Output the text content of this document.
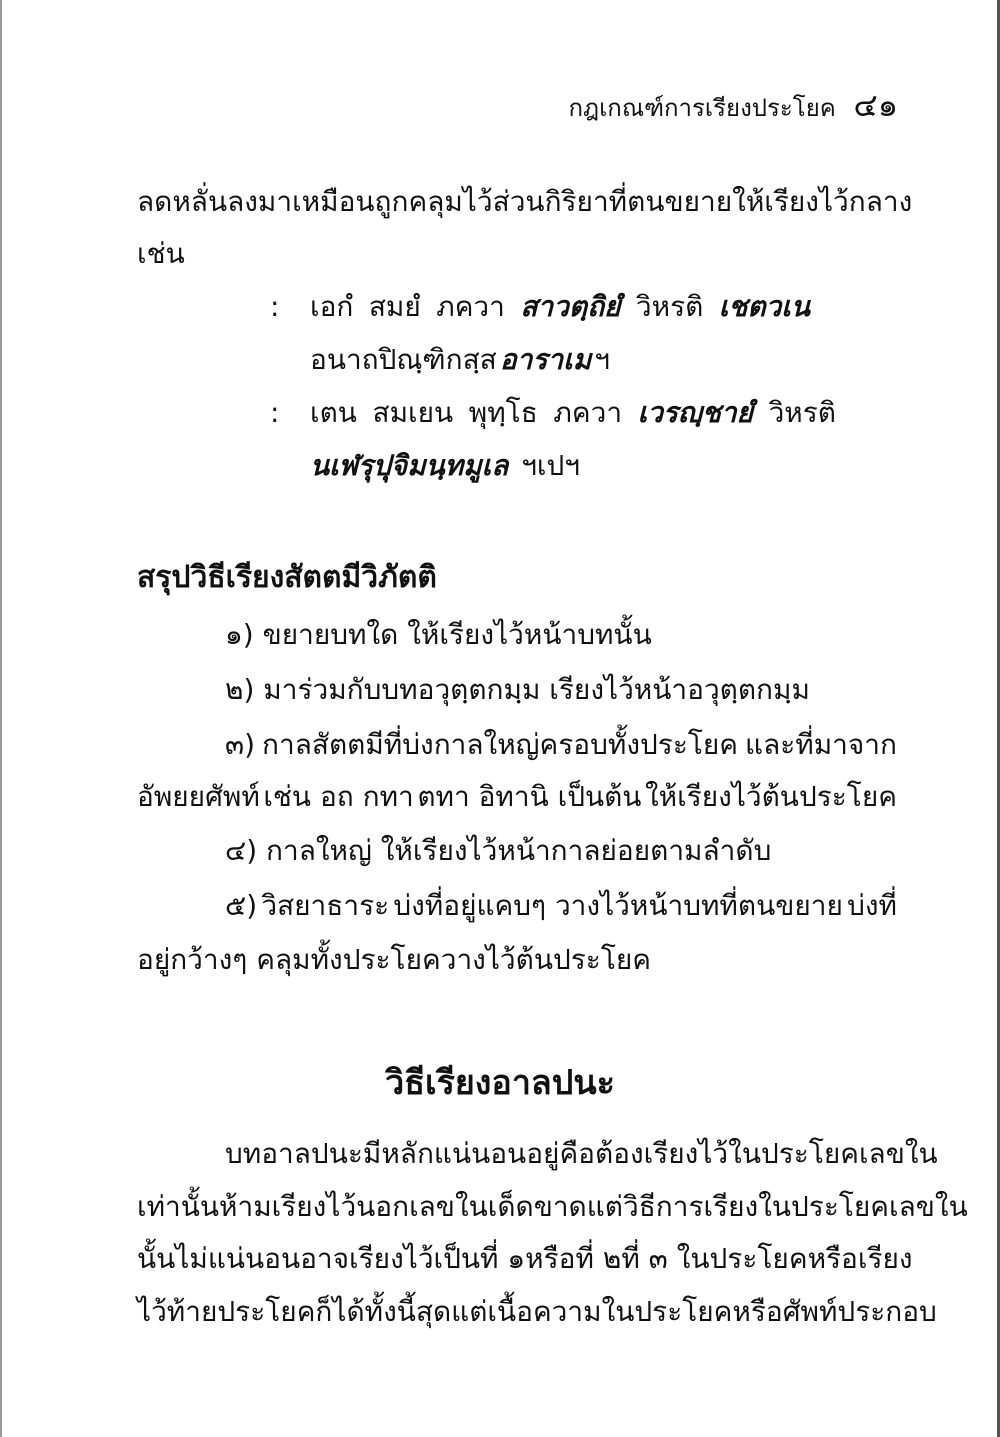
กฎเกณฑ์การเรียงประโยค ๔๑
ลดหลั่นลงมา เหมือนถูกคลุมไว้ ส่วนกิริยาที่ตนขยายให้เรียงไว้กลาง
เช่น
: เอกํ สมยํ ภควา สาวตฺถิยํ วิหรติ เชตวเน
อนาถปิณฺฑิกสฺส อาราเม ฯ
: เตน สมเยน พุทฺโธ ภควา เวรญฺชายํ วิหรติ
นเฬรุปุจิมนฺทมูเล ฯเปฯ
สรุปวิธีเรียงสัตตมีวิภัตติ
๑) ขยายบทใด ให้เรียงไว้หน้าบทนั้น
๒) มาร่วมกับบทอวุตฺตกมฺม เรียงไว้หน้าอวุตฺตกมฺม
๓) กาลสัตตมีที่บ่งกาลใหญ่ครอบทั้งประโยค และที่มาจาก
อัพยยศัพท์ เช่น อถ กทา ตทา อิทานิ เป็นต้น ให้เรียงไว้ต้นประโยค
๔) กาลใหญ่ ให้เรียงไว้หน้ากาลย่อยตามลำดับ
๕) วิสยาธาระ บ่งที่อยู่แคบๆ วางไว้หน้าบทที่ตนขยาย บ่งที่
อยู่กว้างๆ คลุมทั้งประโยควางไว้ต้นประโยค
วิธีเรียงอาลปนะ
บทอาลปนะ มีหลักแน่นอนอยู่ คือต้องเรียงไว้ในประโยคเลขใน
เท่านั้นห้ามเรียงไว้นอกเลขในเด็ดขาด แต่วิธีการเรียงในประโยคเลขใน
นั้นไม่แน่นอน อาจเรียงไว้เป็นที่ ๑ หรือที่ ๒ ที่ ๓ ในประโยค หรือเรียง
ไว้ท้ายประโยคก็ได้ ทั้งนี้สุดแต่เนื้อความในประโยคหรือศัพท์ประกอบ
